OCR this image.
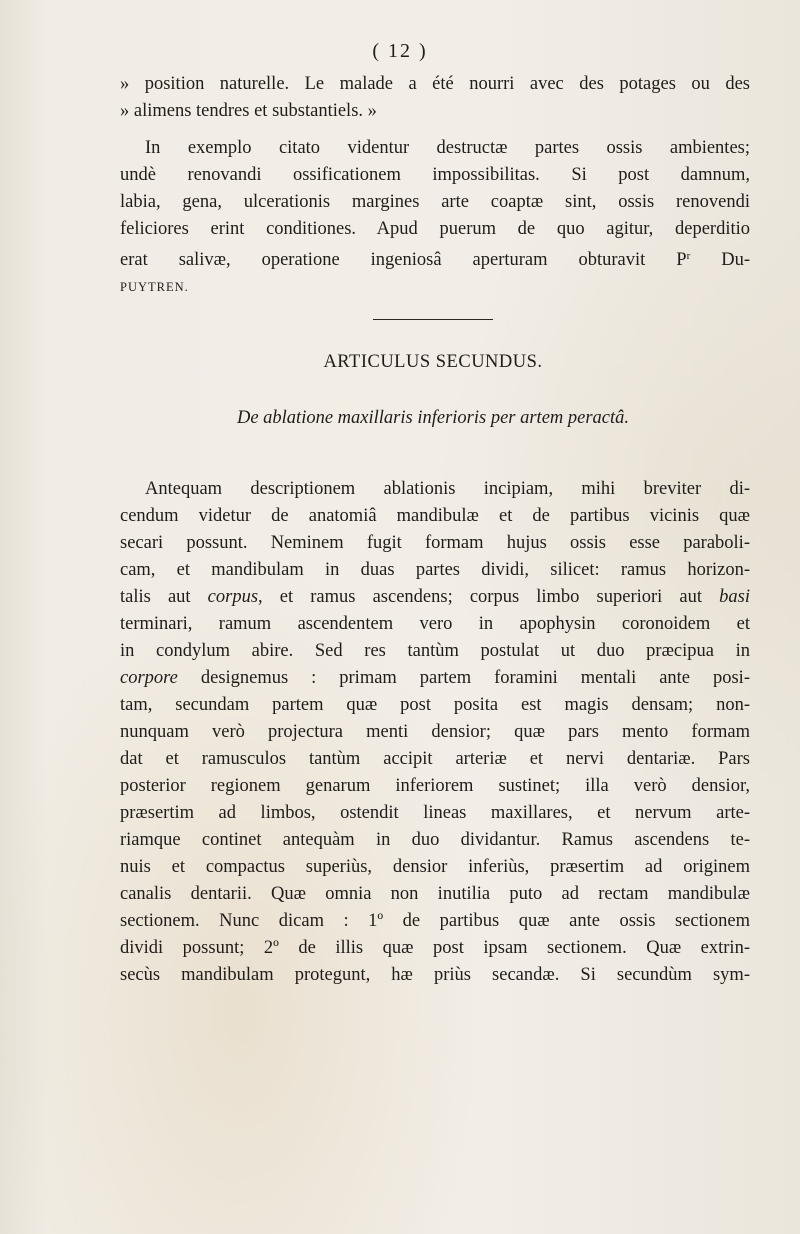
( 12 )
» position naturelle. Le malade a été nourri avec des potages ou des
» alimens tendres et substantiels. »
In exemplo citato videntur destructæ partes ossis ambientes;
undè renovandi ossificationem impossibilitas. Si post damnum,
labia, gena, ulcerationis margines arte coaptæ sint, ossis renovendi
feliciores erint conditiones. Apud puerum de quo agitur, deperditio
erat salivæ, operatione ingeniosâ aperturam obturavit $P^r$ Du-
PUYTREN.
ARTICULUS SECUNDUS.
De ablatione maxillaris inferioris per artem peractâ.
Antequam descriptionem ablationis incipiam, mihi breviter di-
cendum videtur de anatomiâ mandibulæ et de partibus vicinis quæ
secari possunt. Neminem fugit formam hujus ossis esse paraboli-
cam, et mandibulam in duas partes dividi, silicet: ramus horizon-
talis aut corpus, et ramus ascendens; corpus limbo superiori aut basi
terminari, ramum ascendentem vero in apophysin coronoidem et
in condylum abire. Sed res tantùm postulat ut duo præcipua in
corpore designemus : primam partem foramini mentali ante posi-
tam, secundam partem quæ post posita est magis densam; non-
nunquam verò projectura menti densior; quæ pars mento formam
dat et ramusculos tantùm accipit arteriæ et nervi dentariæ. Pars
posterior regionem genarum inferiorem sustinet; illa verò densior,
præsertim ad limbos, ostendit lineas maxillares, et nervum arte-
riamque continet antequàm in duo dividantur. Ramus ascendens te-
nuis et compactus superiùs, densior inferiùs, præsertim ad originem
canalis dentarii. Quæ omnia non inutilia puto ad rectam mandibulæ
sectionem. Nunc dicam : 1º de partibus quæ ante ossis sectionem
dividi possunt; 2º de illis quæ post ipsam sectionem. Quæ extrin-
secùs mandibulam protegunt, hæ priùs secandæ. Si secundùm sym-
